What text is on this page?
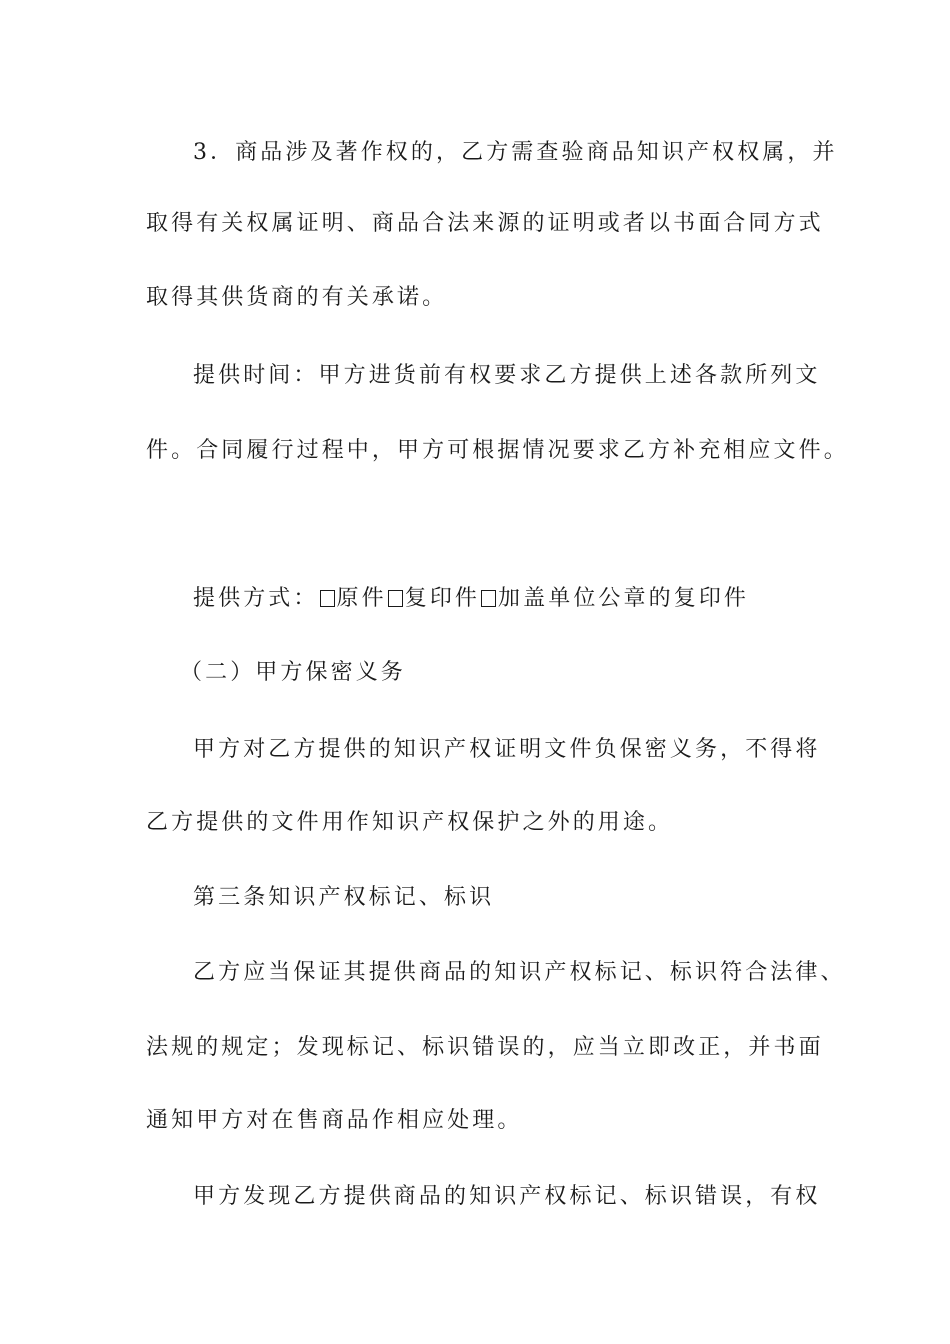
3．商品涉及著作权的，乙方需查验商品知识产权权属，并
取得有关权属证明、商品合法来源的证明或者以书面合同方式
取得其供货商的有关承诺。
提供时间：甲方进货前有权要求乙方提供上述各款所列文
件。合同履行过程中，甲方可根据情况要求乙方补充相应文件。
提供方式： 原件 复印件 加盖单位公章的复印件
（二）甲方保密义务
甲方对乙方提供的知识产权证明文件负保密义务，不得将
乙方提供的文件用作知识产权保护之外的用途。
第三条知识产权标记、标识
乙方应当保证其提供商品的知识产权标记、标识符合法律、
法规的规定；发现标记、标识错误的，应当立即改正，并书面
通知甲方对在售商品作相应处理。
甲方发现乙方提供商品的知识产权标记、标识错误，有权
